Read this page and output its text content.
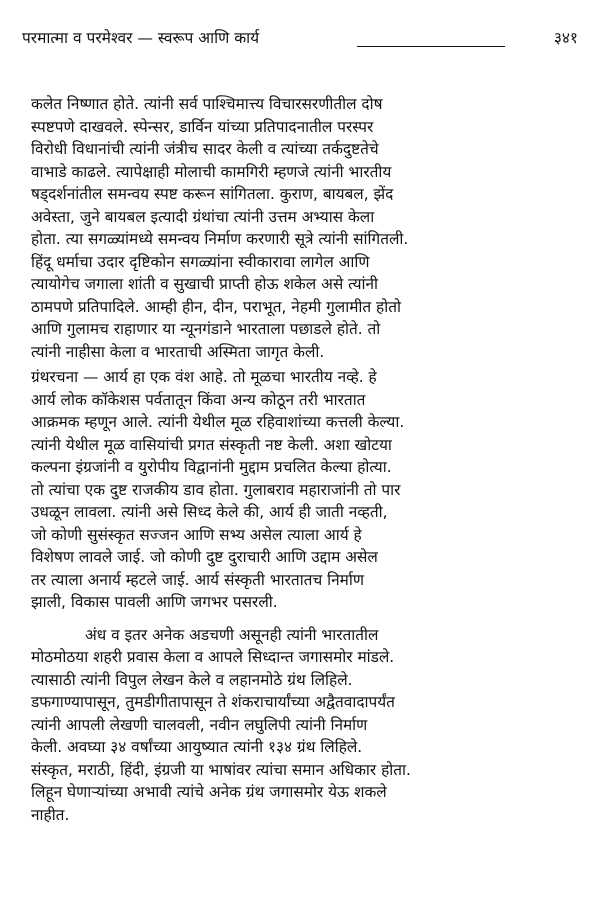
परमात्मा व परमेश्वर — स्वरूप आणि कार्य	३४१
कलेत निष्णात होते. त्यांनी सर्व पाश्चिमात्त्य विचारसरणीतील दोष
स्पष्टपणे दाखवले. स्पेन्सर, डार्विन यांच्या प्रतिपादनातील परस्पर
विरोधी विधानांची त्यांनी जंत्रीच सादर केली व त्यांच्या तर्कदुष्टतेचे
वाभाडे काढले. त्यापेक्षाही मोलाची कामगिरी म्हणजे त्यांनी भारतीय
षड्दर्शनांतील समन्वय स्पष्ट करून सांगितला. कुराण, बायबल, झेंद
अवेस्ता, जुने बायबल इत्यादी ग्रंथांचा त्यांनी उत्तम अभ्यास केला
होता. त्या सगळ्यांमध्ये समन्वय निर्माण करणारी सूत्रे त्यांनी सांगितली.
हिंदू धर्माचा उदार दृष्टिकोन सगळ्यांना स्वीकारावा लागेल आणि
त्यायोगेच जगाला शांती व सुखाची प्राप्ती होऊ शकेल असे त्यांनी
ठामपणे प्रतिपादिले. आम्ही हीन, दीन, पराभूत, नेहमी गुलामीत होतो
आणि गुलामच राहाणार या न्यूनगंडाने भारताला पछाडले होते. तो
त्यांनी नाहीसा केला व भारताची अस्मिता जागृत केली.
ग्रंथरचना — आर्य हा एक वंश आहे. तो मूळचा भारतीय नव्हे. हे
आर्य लोक कॉकेशस पर्वतातून किंवा अन्य कोठून तरी भारतात
आक्रमक म्हणून आले. त्यांनी येथील मूळ रहिवाशांच्या कत्तली केल्या.
त्यांनी येथील मूळ वासियांची प्रगत संस्कृती नष्ट केली. अशा खोटया
कल्पना इंग्रजांनी व युरोपीय विद्वानांनी मुद्दाम प्रचलित केल्या होत्या.
तो त्यांचा एक दुष्ट राजकीय डाव होता. गुलाबराव महाराजांनी तो पार
उधळून लावला. त्यांनी असे सिध्द केले की, आर्य ही जाती नव्हती,
जो कोणी सुसंस्कृत सज्जन आणि सभ्य असेल त्याला आर्य हे
विशेषण लावले जाई. जो कोणी दुष्ट दुराचारी आणि उद्दाम असेल
तर त्याला अनार्य म्हटले जाई. आर्य संस्कृती भारतातच निर्माण
झाली, विकास पावली आणि जगभर पसरली.
अंध व इतर अनेक अडचणी असूनही त्यांनी भारतातील
मोठमोठया शहरी प्रवास केला व आपले सिध्दान्त जगासमोर मांडले.
त्यासाठी त्यांनी विपुल लेखन केले व लहानमोठे ग्रंथ लिहिले.
डफगाण्यापासून, तुमडीगीतापासून ते शंकराचार्यांच्या अद्वैतवादापर्यंत
त्यांनी आपली लेखणी चालवली, नवीन लघुलिपी त्यांनी निर्माण
केली. अवघ्या ३४ वर्षांच्या आयुष्यात त्यांनी १३४ ग्रंथ लिहिले.
संस्कृत, मराठी, हिंदी, इंग्रजी या भाषांवर त्यांचा समान अधिकार होता.
लिहून घेणाऱ्यांच्या अभावी त्यांचे अनेक ग्रंथ जगासमोर येऊ शकले
नाहीत.
